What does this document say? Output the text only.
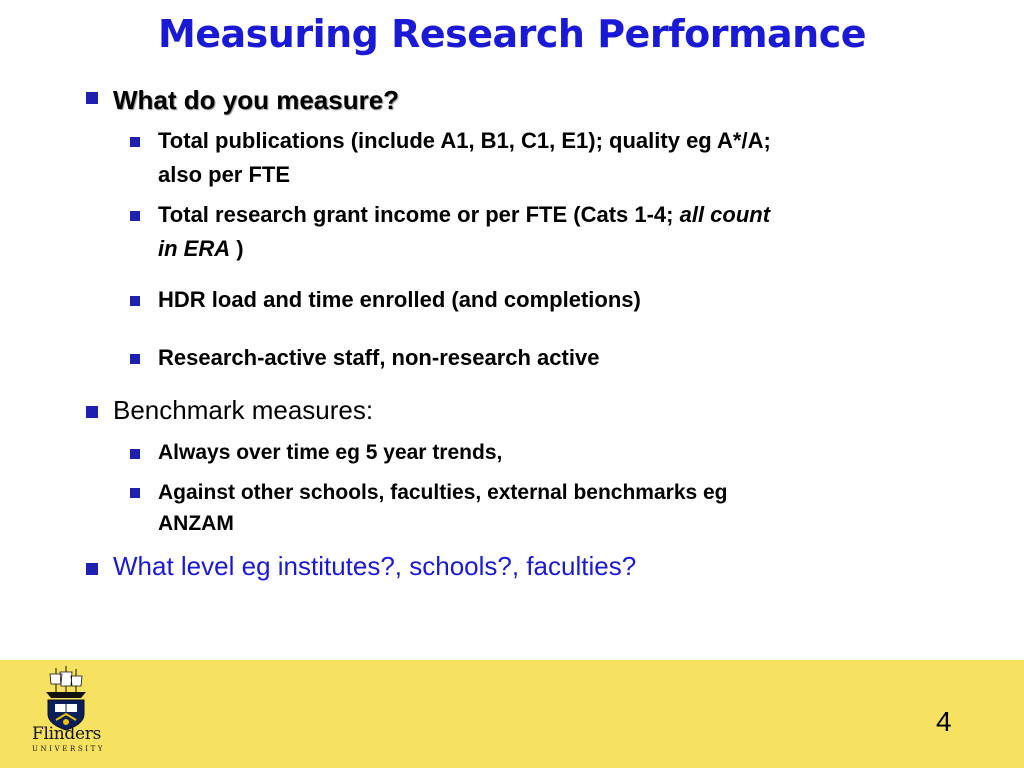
Measuring Research Performance
What do you measure?
Total publications (include A1, B1, C1, E1); quality eg A*/A;
also per FTE
Total research grant income or per FTE (Cats 1-4; all count
in ERA )
HDR load and time enrolled (and completions)
Research-active staff, non-research active
Benchmark measures:
Always over time eg 5 year trends,
Against other schools, faculties, external benchmarks eg
ANZAM
What level eg institutes?, schools?, faculties?
Flinders
UNIVERSITY
4
